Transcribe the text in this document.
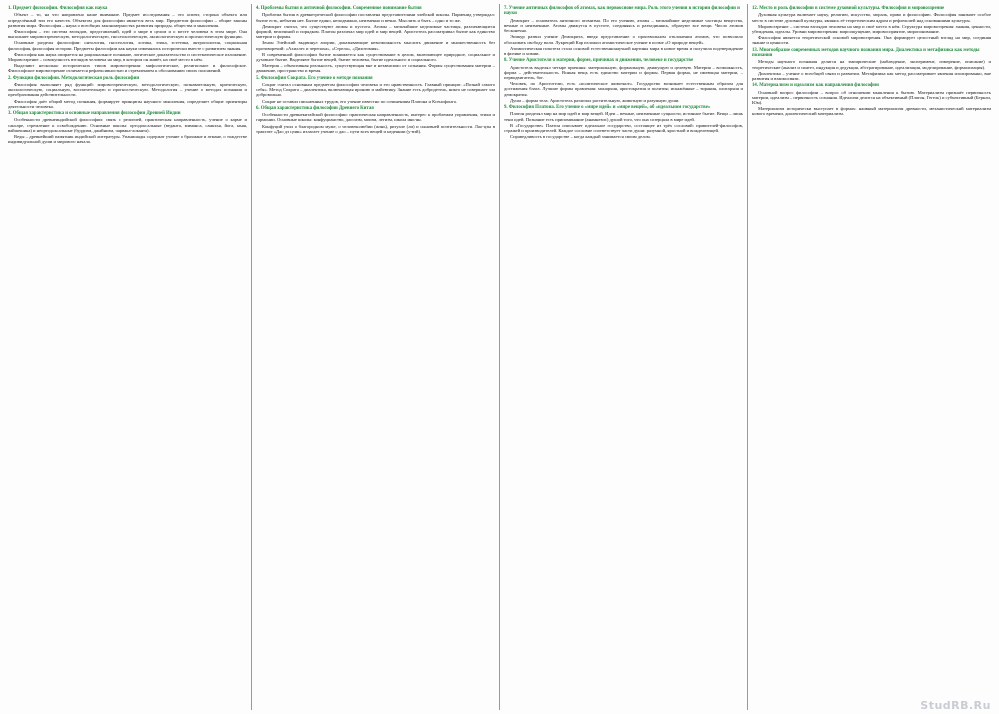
1. Предмет философии. Философия как наука

Объект – то, на что направлено наше внимание. Предмет исследования – это аспект, сторона объекта или определённый тип его качеств. Объектом для философии является весь мир. Предметом философии – общие законы развития мира. Философия – наука о всеобщих закономерностях развития природы, общества и мышления.

Философия – это система взглядов, представлений, идей о мире в целом и о месте человека в этом мире. Она выполняет мировоззренческую, методологическую, гносеологическую, аксиологическую и прогностическую функции.

Основные разделы философии: онтология, гносеология, логика, этика, эстетика, антропология, социальная философия, философия истории. Предметы философии как науки изменялись исторически вместе с развитием знания.

Философия как наука опирается на рациональное познание, логическое доказательство и систематическое изложение. Мировоззрение – совокупность взглядов человека на мир, в котором он живёт, на своё место в нём.

Выделяют несколько исторических типов мировоззрения: мифологическое, религиозное и философское. Философское мировоззрение отличается рефлексивностью и стремлением к обоснованию своих положений.

2. Функции философии. Методологическая роль философии

Философия выполняет ряд функций: мировоззренческую, методологическую, познавательную, критическую, аксиологическую, социальную, воспитательную и прогностическую. Методология – учение о методах познания и преобразования действительности.

Философия даёт общий метод познания, формирует принципы научного мышления, определяет общие ориентиры деятельности человека.

3. Общая характеристика и основные направления философии Древней Индии

Особенности древнеиндийской философии: связь с религией, практическая направленность, учение о карме и сансаре, стремление к освобождению. Основные школы: ортодоксальные (веданта, миманса, санкхья, йога, ньяя, вайшешика) и неортодоксальные (буддизм, джайнизм, чарвака-локаята).

Веды – древнейший памятник индийской литературы. Упанишады содержат учение о брахмане и атмане, о тождестве индивидуальной души и мирового начала.

4. Проблемы бытия в античной философии. Современное понимание бытия

Проблема бытия в древнегреческой философии поставлена представителями элейской школы. Парменид утверждал: бытие есть, небытия нет. Бытие едино, неподвижно, неизменно и вечно. Мыслить и быть – одно и то же.

Демокрит считал, что существуют атомы и пустота. Атомы – мельчайшие неделимые частицы, различающиеся формой, величиной и порядком. Платон различал мир идей и мир вещей. Аристотель рассматривал бытие как единство материи и формы.

Зенон Элейский выдвинул апории, доказывающие невозможность мыслить движение и множественность без противоречий: «Ахиллес и черепаха», «Стрела», «Дихотомия».

В современной философии бытие понимается как существование в целом, включающее природное, социальное и духовное бытие. Выделяют бытие вещей, бытие человека, бытие идеального и социального.

Материя – объективная реальность, существующая вне и независимо от сознания. Формы существования материи – движение, пространство и время.

5. Философия Сократа. Его учение о методе познания

Сократ считал основным предметом философии человека и его нравственность. Главный принцип: «Познай самого себя». Метод Сократа – диалектика, включающая иронию и майевтику. Знание есть добродетель, никто не совершает зла добровольно.

Сократ не оставил письменных трудов, его учение известно по сочинениям Платона и Ксенофонта.

6. Общая характеристика философии Древнего Китая

Особенности древнекитайской философии: практическая направленность, интерес к проблемам управления, этики и гармонии. Основные школы: конфуцианство, даосизм, моизм, легизм, школа инь-ян.

Конфуций учил о благородном муже, о человеколюбии (жэнь), ритуале (ли) и сыновней почтительности. Лао-цзы в трактате «Дао дэ цзин» излагает учение о дао – пути всех вещей и недеянии (у-вэй).

7. Учение античных философов об атомах, как первооснове мира. Роль этого учения в истории философии и науки

Демокрит – основатель античного атомизма. По его учению, атомы – мельчайшие неделимые частицы вещества, вечные и неизменные. Атомы движутся в пустоте, соединяясь и разъединяясь, образуют все вещи. Число атомов бесконечно.

Эпикур развил учение Демокрита, введя представление о произвольном отклонении атомов, что позволило обосновать свободу воли. Лукреций Кар изложил атомистическое учение в поэме «О природе вещей».

Атомистическая гипотеза стала основой естественнонаучной картины мира в новое время и получила подтверждение в физике и химии.

8. Учение Аристотеля о материи, форме, причинах и движении, человеке и государстве

Аристотель выделял четыре причины: материальную, формальную, движущую и целевую. Материя – возможность, форма – действительность. Всякая вещь есть единство материи и формы. Первая форма, не имеющая материи, – перводвигатель, бог.

Человек, по Аристотелю, есть «политическое животное». Государство возникает естественным образом для достижения блага. Лучшие формы правления: монархия, аристократия и полития; искажённые – тирания, олигархия и демократия.

Душа – форма тела. Аристотель различал растительную, животную и разумную души.

9. Философия Платона. Его учение о «мире идей» и «мире вещей», об «идеальном государстве»

Платон разделял мир на мир идей и мир вещей. Идеи – вечные, неизменные сущности, истинное бытие. Вещи – лишь тени идей. Познание есть припоминание (анамнезис) душой того, что она созерцала в мире идей.

В «Государстве» Платон описывает идеальное государство, состоящее из трёх сословий: правителей-философов, стражей и производителей. Каждое сословие соответствует части души: разумной, яростной и вожделеющей.

Справедливость в государстве – когда каждый занимается своим делом.

12. Место и роль философии в системе духовной культуры. Философия и мировоззрение

Духовная культура включает науку, религию, искусство, мораль, право и философию. Философия занимает особое место в системе духовной культуры, являясь её теоретическим ядром и рефлексией над основаниями культуры.

Мировоззрение – система взглядов человека на мир и своё место в нём. Структура мировоззрения: знания, ценности, убеждения, идеалы. Уровни мировоззрения: мироощущение, мировосприятие, миропонимание.

Философия является теоретической основой мировоззрения. Она формирует целостный взгляд на мир, соединяя знание и ценности.

13. Многообразие современных методов научного познания мира. Диалектика и метафизика как методы познания

Методы научного познания делятся на эмпирические (наблюдение, эксперимент, измерение, описание) и теоретические (анализ и синтез, индукция и дедукция, абстрагирование, идеализация, моделирование, формализация).

Диалектика – учение о всеобщей связи и развитии. Метафизика как метод рассматривает явления изолированно, вне развития и взаимосвязи.

14. Материализм и идеализм как направления философии

Основной вопрос философии – вопрос об отношении мышления к бытию. Материализм признаёт первичность материи, идеализм – первичность сознания. Идеализм делится на объективный (Платон, Гегель) и субъективный (Беркли, Юм).

Материализм исторически выступает в формах: наивный материализм древности, механистический материализм нового времени, диалектический материализм.

StudRB.Ru
